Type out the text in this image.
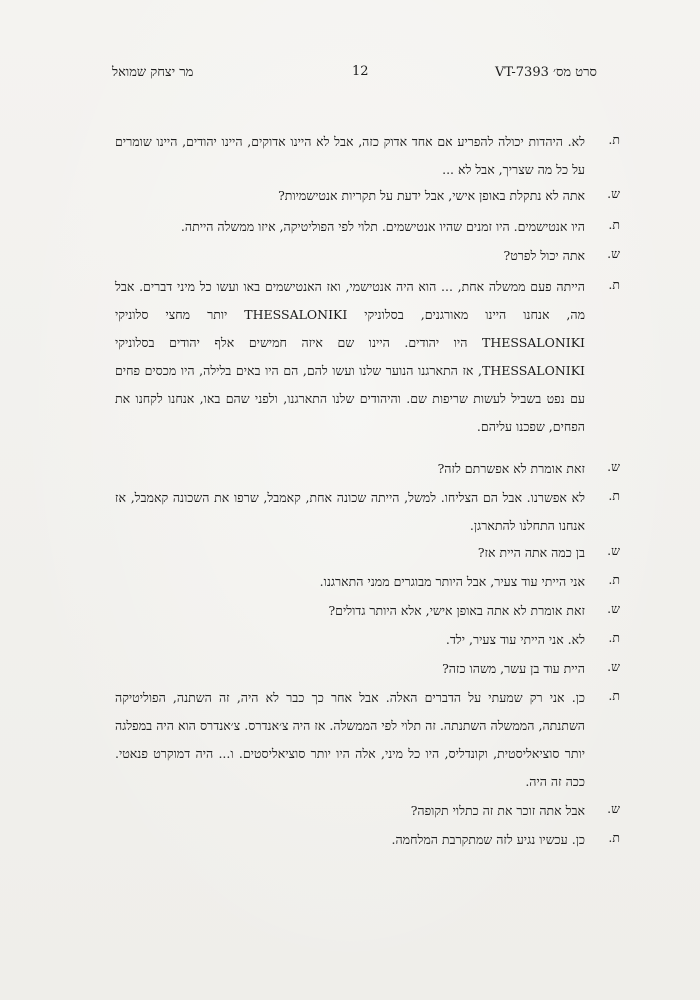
מר יצחק שמואל	12	סרט מס׳ VT-7393
ת.
לא. היהדות יכולה להפריע אם אחד אדוק כזה, אבל לא היינו אדוקים, היינו יהודים, היינו שומרים על כל מה שצריך, אבל לא ...
ש.
אתה לא נתקלת באופן אישי, אבל ידעת על תקריות אנטישמיות?
ת.
היו אנטישמים. היו זמנים שהיו אנטישמים. תלוי לפי הפוליטיקה, איזו ממשלה הייתה.
ש.
אתה יכול לפרט?
ת.
הייתה פעם ממשלה אחת, ... הוא היה אנטישמי, ואז האנטישמים באו ועשו כל מיני דברים. אבל מה, אנחנו היינו מאורגנים, בסלוניקי THESSALONIKI יותר מחצי סלוניקי THESSALONIKI היו יהודים. היינו שם איזה חמישים אלף יהודים בסלוניקי THESSALONIKI, אז התארגנו הנוער שלנו ועשו להם, הם היו באים בלילה, היו מכסים פחים עם נפט בשביל לעשות שריפות שם. והיהודים שלנו התארגנו, ולפני שהם באו, אנחנו לקחנו את הפחים, שפכנו עליהם.
ש.
זאת אומרת לא אפשרתם לזה?
ת.
לא אפשרנו. אבל הם הצליחו. למשל, הייתה שכונה אחת, קאמבל, שרפו את השכונה קאמבל, אז אנחנו התחלנו להתארגן.
ש.
בן כמה אתה היית אז?
ת.
אני הייתי עוד צעיר, אבל היותר מבוגרים ממני התארגנו.
ש.
זאת אומרת לא אתה באופן אישי, אלא היותר גדולים?
ת.
לא. אני הייתי עוד צעיר, ילד.
ש.
היית עוד בן עשר, משהו כזה?
ת.
כן. אני רק שמעתי על הדברים האלה. אבל אחר כך כבר לא היה, זה השתנה, הפוליטיקה השתנתה, הממשלה השתנתה. זה תלוי לפי הממשלה. אז היה צ׳אנדרס. צ׳אנדרס הוא היה במפלגה יותר סוציאליסטית, וקונדליס, היו כל מיני, אלה היו יותר סוציאליסטים. ו... היה דמוקרט פנאטי. ככה זה היה.
ש.
אבל אתה זוכר את זה כתלוי תקופה?
ת.
כן. עכשיו נגיע לזה שמתקרבת המלחמה.
